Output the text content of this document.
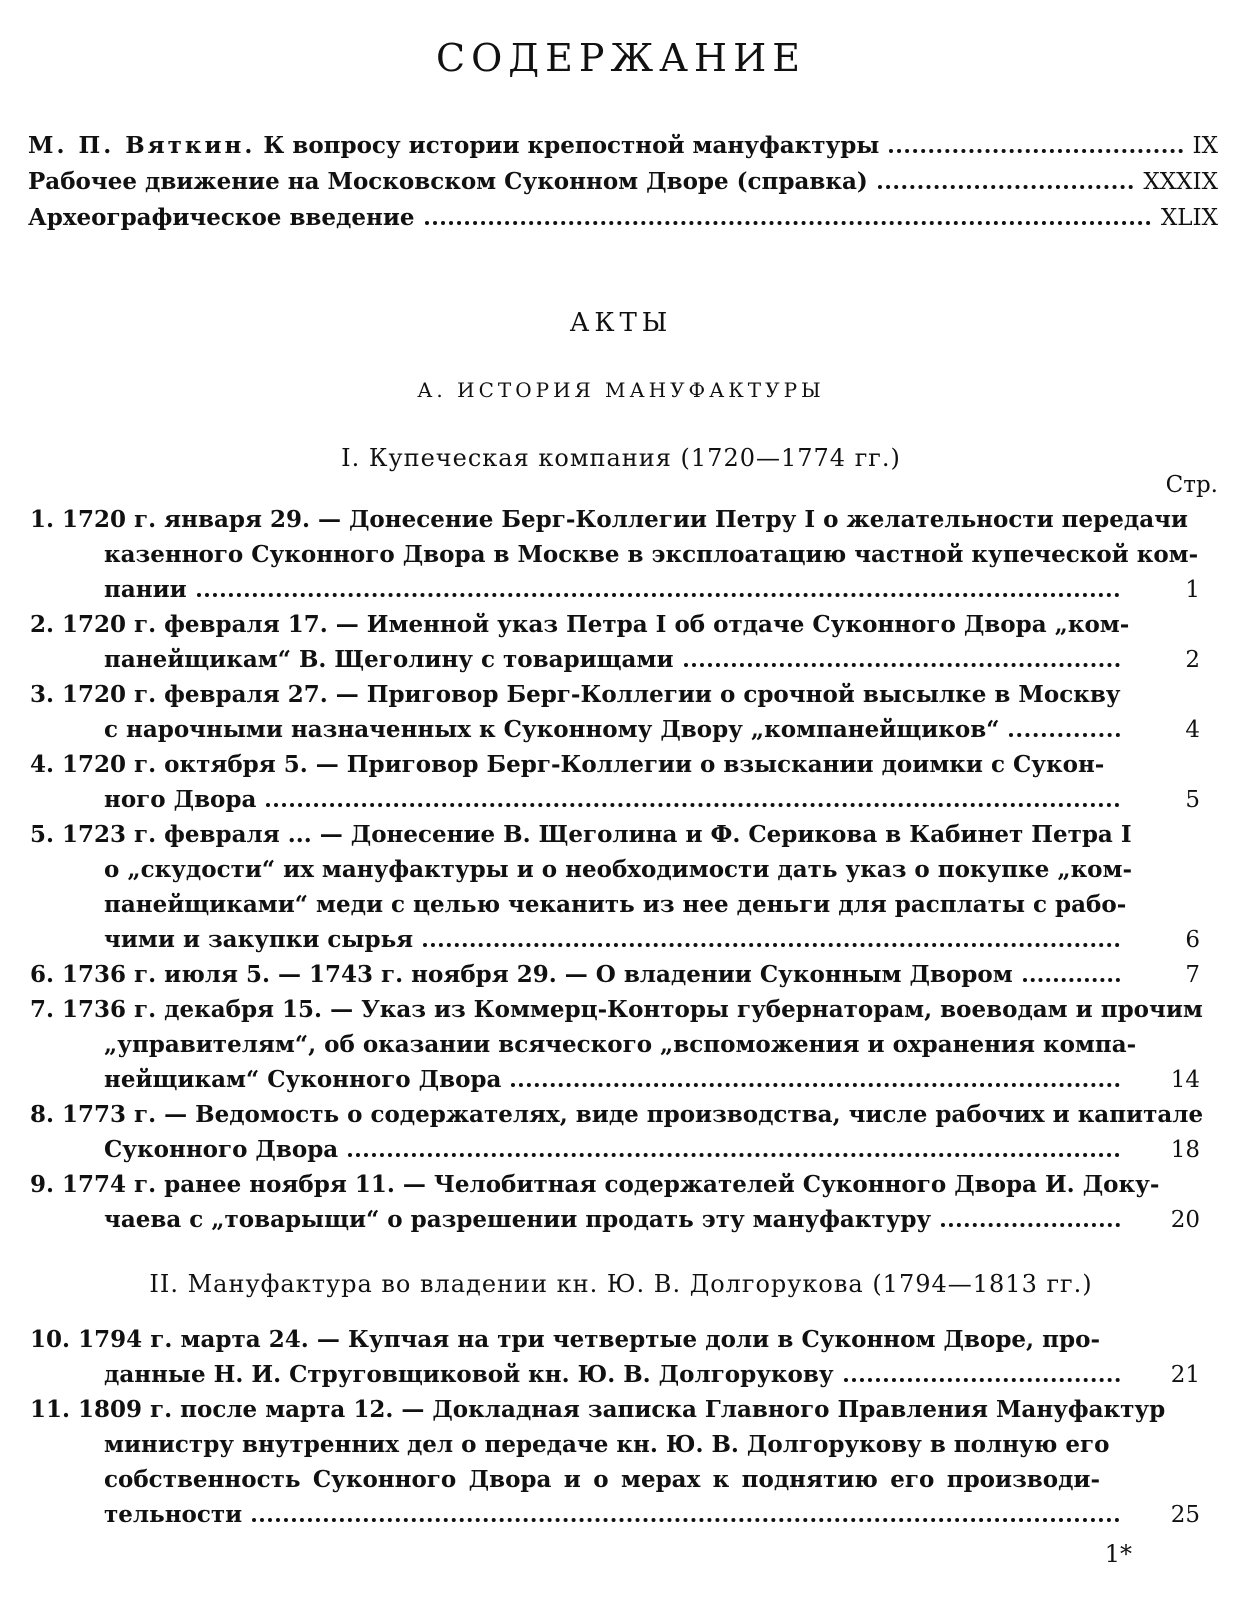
СОДЕРЖАНИЕ
М. П. Вяткин.
К вопросу истории крепостной мануфактуры	IX
Рабочее движение на Московском Суконном Дворе (справка)	XXXIX
Археографическое введение	XLIX
АКТЫ
А. ИСТОРИЯ МАНУФАКТУРЫ
I. Купеческая компания (1720—1774 гг.)
Стр.
1. 1720 г. января 29. — Донесение Берг-Коллегии Петру I о желательности передачи
казенного Суконного Двора в Москве в эксплоатацию частной купеческой ком-
пании	1
2. 1720 г. февраля 17. — Именной указ Петра I об отдаче Суконного Двора „ком-
панейщикам“ В. Щеголину с товарищами	2
3. 1720 г. февраля 27. — Приговор Берг-Коллегии о срочной высылке в Москву
с нарочными назначенных к Суконному Двору „компанейщиков“	4
4. 1720 г. октября 5. — Приговор Берг-Коллегии о взыскании доимки с Сукон-
ного Двора	5
5. 1723 г. февраля ... — Донесение В. Щеголина и Ф. Серикова в Кабинет Петра I
о „скудости“ их мануфактуры и о необходимости дать указ о покупке „ком-
панейщиками“ меди с целью чеканить из нее деньги для расплаты с рабо-
чими и закупки сырья	6
6. 1736 г. июля 5. — 1743 г. ноября 29. — О владении Суконным Двором	7
7. 1736 г. декабря 15. — Указ из Коммерц-Конторы губернаторам, воеводам и прочим
„управителям“, об оказании всяческого „вспоможения и охранения компа-
нейщикам“ Суконного Двора	14
8. 1773 г. — Ведомость о содержателях, виде производства, числе рабочих и капитале
Суконного Двора	18
9. 1774 г. ранее ноября 11. — Челобитная содержателей Суконного Двора И. Доку-
чаева с „товарыщи“ о разрешении продать эту мануфактуру	20
II. Мануфактура во владении кн. Ю. В. Долгорукова (1794—1813 гг.)
10. 1794 г. марта 24. — Купчая на три четвертые доли в Суконном Дворе, про-
данные Н. И. Струговщиковой кн. Ю. В. Долгорукову	21
11. 1809 г. после марта 12. — Докладная записка Главного Правления Мануфактур
министру внутренних дел о передаче кн. Ю. В. Долгорукову в полную его
собственность Суконного Двора и о мерах к поднятию его производи-
тельности	25
1*
